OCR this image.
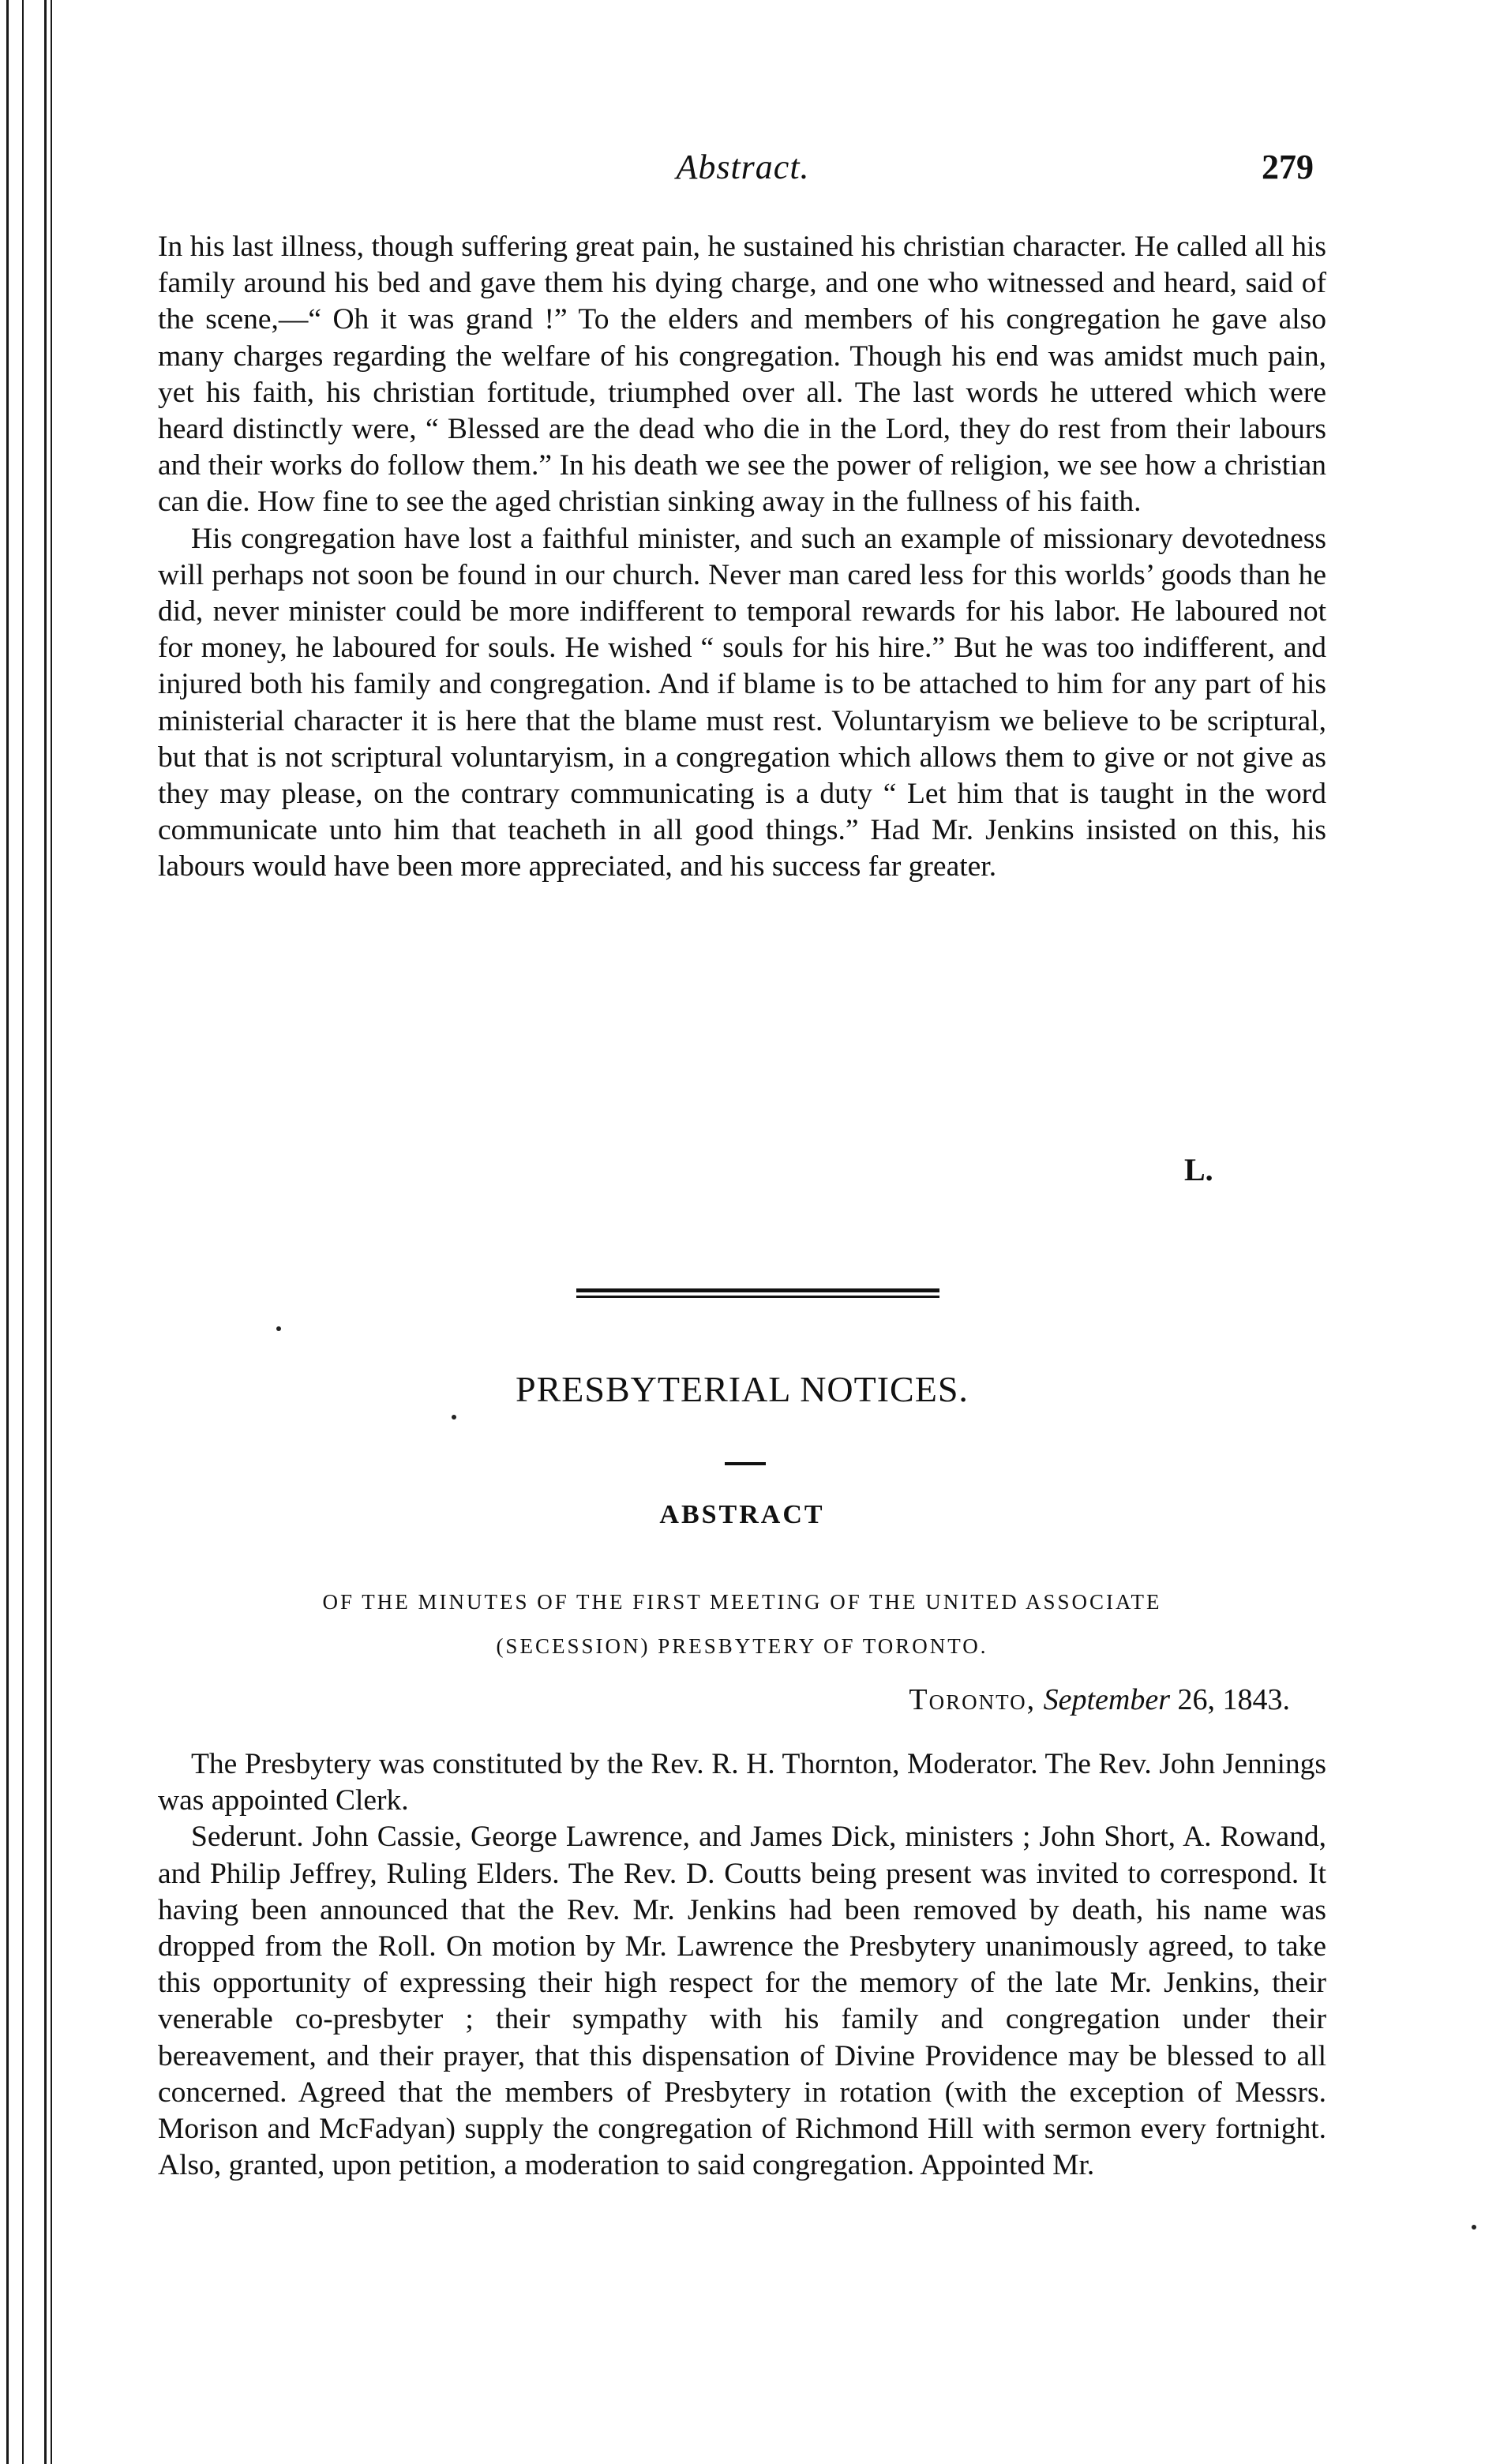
Abstract.	279

In his last illness, though suffering great pain, he sustained his christian character. He called all his family around his bed and gave them his dying charge, and one who witnessed and heard, said of the scene,—“ Oh it was grand !” To the elders and members of his congregation he gave also many charges regarding the welfare of his congregation. Though his end was amidst much pain, yet his faith, his christian fortitude, triumphed over all. The last words he uttered which were heard distinctly were, “ Blessed are the dead who die in the Lord, they do rest from their labours and their works do follow them.” In his death we see the power of religion, we see how a christian can die. How fine to see the aged christian sinking away in the fullness of his faith.

His congregation have lost a faithful minister, and such an example of missionary devotedness will perhaps not soon be found in our church. Never man cared less for this worlds’ goods than he did, never minister could be more indifferent to temporal rewards for his labor. He laboured not for money, he laboured for souls. He wished “ souls for his hire.” But he was too indifferent, and injured both his family and congregation. And if blame is to be attached to him for any part of his ministerial character it is here that the blame must rest. Voluntaryism we believe to be scriptural, but that is not scriptural voluntaryism, in a congregation which allows them to give or not give as they may please, on the contrary communicating is a duty “ Let him that is taught in the word communicate unto him that teacheth in all good things.” Had Mr. Jenkins insisted on this, his labours would have been more appreciated, and his success far greater.

L.
PRESBYTERIAL NOTICES.
ABSTRACT
OF THE MINUTES OF THE FIRST MEETING OF THE UNITED ASSOCIATE
(SECESSION) PRESBYTERY OF TORONTO.
Toronto, September 26, 1843.

The Presbytery was constituted by the Rev. R. H. Thornton, Moderator. The Rev. John Jennings was appointed Clerk.

Sederunt. John Cassie, George Lawrence, and James Dick, ministers ; John Short, A. Rowand, and Philip Jeffrey, Ruling Elders. The Rev. D. Coutts being present was invited to correspond. It having been announced that the Rev. Mr. Jenkins had been removed by death, his name was dropped from the Roll. On motion by Mr. Lawrence the Presbytery unanimously agreed, to take this opportunity of expressing their high respect for the memory of the late Mr. Jenkins, their venerable co-presbyter ; their sympathy with his family and congregation under their bereavement, and their prayer, that this dispensation of Divine Providence may be blessed to all concerned. Agreed that the members of Presbytery in rotation (with the exception of Messrs. Morison and McFadyan) supply the congregation of Richmond Hill with sermon every fortnight. Also, granted, upon petition, a moderation to said congregation. Appointed Mr.
